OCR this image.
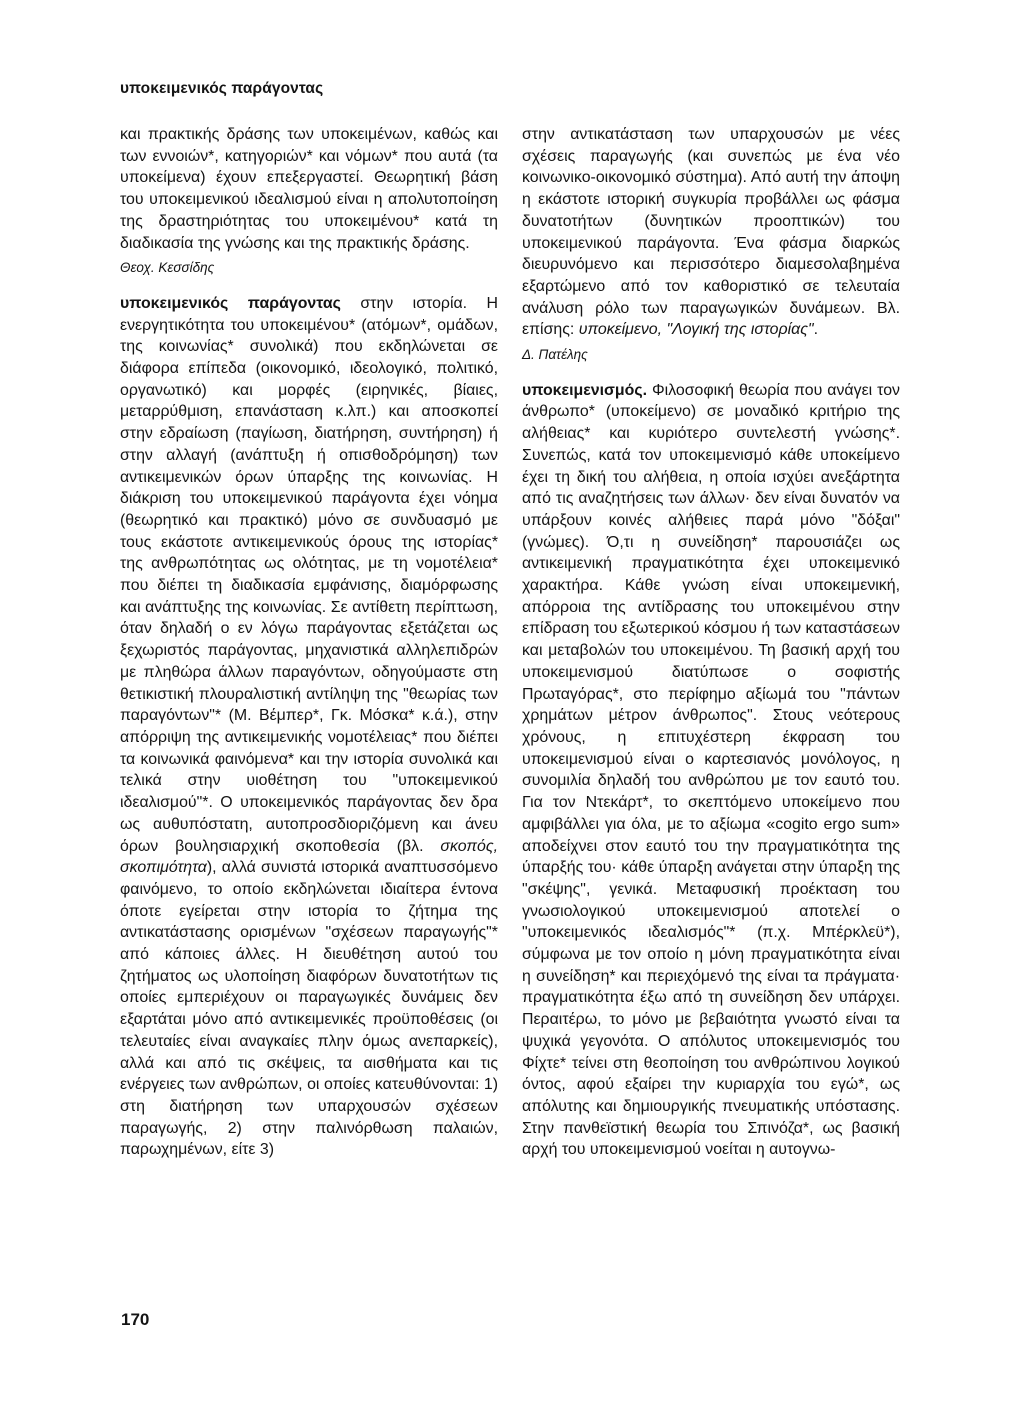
υποκειμενικός παράγοντας

και πρακτικής δράσης των υποκειμένων, καθώς και των εννοιών*, κατηγοριών* και νόμων* που αυτά (τα υποκείμενα) έχουν επεξεργαστεί. Θεωρητική βάση του υποκειμενικού ιδεαλισμού είναι η απολυτοποίηση της δραστηριότητας του υποκειμένου* κατά τη διαδικασία της γνώσης και της πρακτικής δράσης.

Θεοχ. Κεσσίδης

υποκειμενικός παράγοντας στην ιστορία. Η ενεργητικότητα του υποκειμένου* (ατόμων*, ομάδων, της κοινωνίας* συνολικά) που εκδηλώνεται σε διάφορα επίπεδα (οικονομικό, ιδεολογικό, πολιτικό, οργανωτικό) και μορφές (ειρηνικές, βίαιες, μεταρρύθμιση, επανάσταση κ.λπ.) και αποσκοπεί στην εδραίωση (παγίωση, διατήρηση, συντήρηση) ή στην αλλαγή (ανάπτυξη ή οπισθοδρόμηση) των αντικειμενικών όρων ύπαρξης της κοινωνίας. Η διάκριση του υποκειμενικού παράγοντα έχει νόημα (θεωρητικό και πρακτικό) μόνο σε συνδυασμό με τους εκάστοτε αντικειμενικούς όρους της ιστορίας* της ανθρωπότητας ως ολότητας, με τη νομοτέλεια* που διέπει τη διαδικασία εμφάνισης, διαμόρφωσης και ανάπτυξης της κοινωνίας. Σε αντίθετη περίπτωση, όταν δηλαδή ο εν λόγω παράγοντας εξετάζεται ως ξεχωριστός παράγοντας, μηχανιστικά αλληλεπιδρών με πληθώρα άλλων παραγόντων, οδηγούμαστε στη θετικιστική πλουραλιστική αντίληψη της "θεωρίας των παραγόντων"* (Μ. Βέμπερ*, Γκ. Μόσκα* κ.ά.), στην απόρριψη της αντικειμενικής νομοτέλειας* που διέπει τα κοινωνικά φαινόμενα* και την ιστορία συνολικά και τελικά στην υιοθέτηση του "υποκειμενικού ιδεαλισμού"*. Ο υποκειμενικός παράγοντας δεν δρα ως αυθυπόστατη, αυτοπροσδιοριζόμενη και άνευ όρων βουλησιαρχική σκοποθεσία (βλ. σκοπός, σκοπιμότητα), αλλά συνιστά ιστορικά αναπτυσσόμενο φαινόμενο, το οποίο εκδηλώνεται ιδιαίτερα έντονα όποτε εγείρεται στην ιστορία το ζήτημα της αντικατάστασης ορισμένων "σχέσεων παραγωγής"* από κάποιες άλλες. Η διευθέτηση αυτού του ζητήματος ως υλοποίηση διαφόρων δυνατοτήτων τις οποίες εμπεριέχουν οι παραγωγικές δυνάμεις δεν εξαρτάται μόνο από αντικειμενικές προϋποθέσεις (οι τελευταίες είναι αναγκαίες πλην όμως ανεπαρκείς), αλλά και από τις σκέψεις, τα αισθήματα και τις ενέργειες των ανθρώπων, οι οποίες κατευθύνονται: 1) στη διατήρηση των υπαρχουσών σχέσεων παραγωγής, 2) στην παλινόρθωση παλαιών, παρωχημένων, είτε 3)

στην αντικατάσταση των υπαρχουσών με νέες σχέσεις παραγωγής (και συνεπώς με ένα νέο κοινωνικο-οικονομικό σύστημα). Από αυτή την άποψη η εκάστοτε ιστορική συγκυρία προβάλλει ως φάσμα δυνατοτήτων (δυνητικών προοπτικών) του υποκειμενικού παράγοντα. Ένα φάσμα διαρκώς διευρυνόμενο και περισσότερο διαμεσολαβημένα εξαρτώμενο από τον καθοριστικό σε τελευταία ανάλυση ρόλο των παραγωγικών δυνάμεων. Βλ. επίσης: υποκείμενο, "Λογική της ιστορίας".

Δ. Πατέλης

υποκειμενισμός. Φιλοσοφική θεωρία που ανάγει τον άνθρωπο* (υποκείμενο) σε μοναδικό κριτήριο της αλήθειας* και κυριότερο συντελεστή γνώσης*. Συνεπώς, κατά τον υποκειμενισμό κάθε υποκείμενο έχει τη δική του αλήθεια, η οποία ισχύει ανεξάρτητα από τις αναζητήσεις των άλλων· δεν είναι δυνατόν να υπάρξουν κοινές αλήθειες παρά μόνο "δόξαι" (γνώμες). Ό,τι η συνείδηση* παρουσιάζει ως αντικειμενική πραγματικότητα έχει υποκειμενικό χαρακτήρα. Κάθε γνώση είναι υποκειμενική, απόρροια της αντίδρασης του υποκειμένου στην επίδραση του εξωτερικού κόσμου ή των καταστάσεων και μεταβολών του υποκειμένου. Τη βασική αρχή του υποκειμενισμού διατύπωσε ο σοφιστής Πρωταγόρας*, στο περίφημο αξίωμά του "πάντων χρημάτων μέτρον άνθρωπος". Στους νεότερους χρόνους, η επιτυχέστερη έκφραση του υποκειμενισμού είναι ο καρτεσιανός μονόλογος, η συνομιλία δηλαδή του ανθρώπου με τον εαυτό του. Για τον Ντεκάρτ*, το σκεπτόμενο υποκείμενο που αμφιβάλλει για όλα, με το αξίωμα «cogito ergo sum» αποδείχνει στον εαυτό του την πραγματικότητα της ύπαρξής του· κάθε ύπαρξη ανάγεται στην ύπαρξη της "σκέψης", γενικά. Μεταφυσική προέκταση του γνωσιολογικού υποκειμενισμού αποτελεί ο "υποκειμενικός ιδεαλισμός"* (π.χ. Μπέρκλεϋ*), σύμφωνα με τον οποίο η μόνη πραγματικότητα είναι η συνείδηση* και περιεχόμενό της είναι τα πράγματα· πραγματικότητα έξω από τη συνείδηση δεν υπάρχει. Περαιτέρω, το μόνο με βεβαιότητα γνωστό είναι τα ψυχικά γεγονότα. Ο απόλυτος υποκειμενισμός του Φίχτε* τείνει στη θεοποίηση του ανθρώπινου λογικού όντος, αφού εξαίρει την κυριαρχία του εγώ*, ως απόλυτης και δημιουργικής πνευματικής υπόστασης. Στην πανθεϊστική θεωρία του Σπινόζα*, ως βασική αρχή του υποκειμενισμού νοείται η αυτογνω-

170
